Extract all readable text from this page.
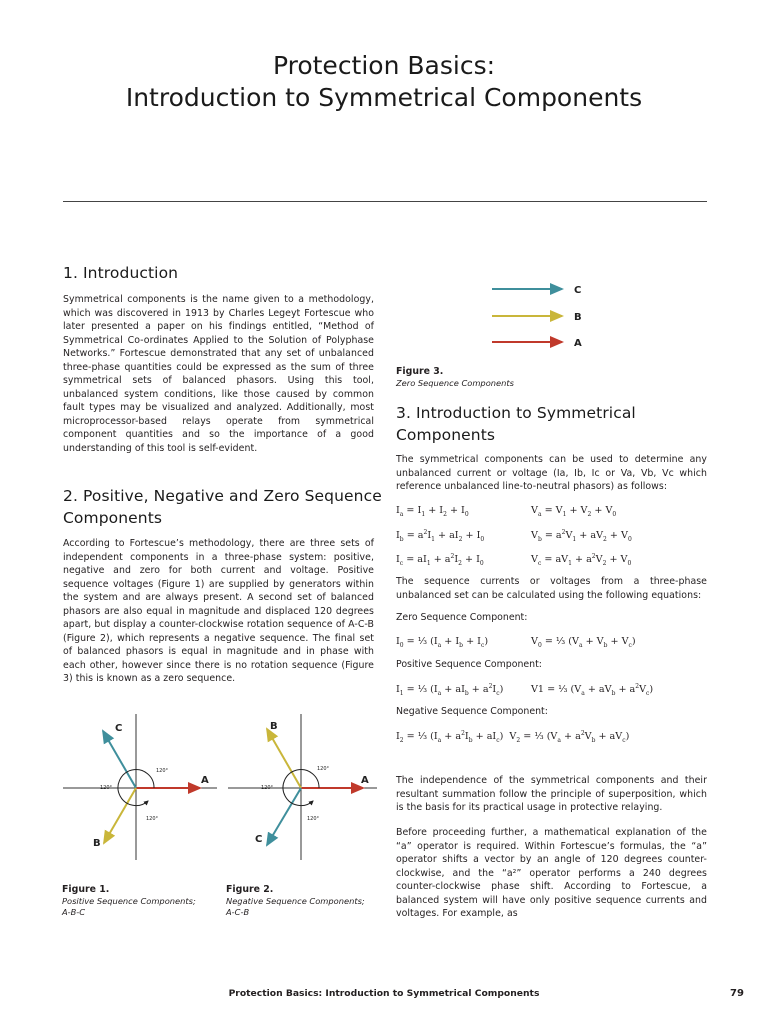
Protection Basics:
Introduction to Symmetrical Components
1. Introduction

Symmetrical components is the name given to a methodology, which was discovered in 1913 by Charles Legeyt Fortescue who later presented a paper on his findings entitled, “Method of Symmetrical Co-ordinates Applied to the Solution of Polyphase Networks.” Fortescue demonstrated that any set of unbalanced three-phase quantities could be expressed as the sum of three symmetrical sets of balanced phasors. Using this tool, unbalanced system conditions, like those caused by common fault types may be visualized and analyzed. Additionally, most microprocessor-based relays operate from symmetrical component quantities and so the importance of a good understanding of this tool is self-evident.

2. Positive, Negative and Zero Sequence
Components

According to Fortescue’s methodology, there are three sets of independent components in a three-phase system: positive, negative and zero for both current and voltage. Positive sequence voltages (Figure 1) are supplied by generators within the system and are always present. A second set of balanced phasors are also equal in magnitude and displaced 120 degrees apart, but display a counter-clockwise rotation sequence of A-C-B (Figure 2), which represents a negative sequence. The final set of balanced phasors is equal in magnitude and in phase with each other, however since there is no rotation sequence (Figure 3) this is known as a zero sequence.

A
C
B
120°
120°
120°
Figure 1.
Positive Sequence Components;
A-B-C
A
B
C
120°
120°
120°
Figure 2.
Negative Sequence Components;
A-C-B
C
B
A
Figure 3.
Zero Sequence Components
3. Introduction to Symmetrical
Components

The symmetrical components can be used to determine any unbalanced current or voltage (Ia, Ib, Ic or Va, Vb, Vc which reference unbalanced line-to-neutral phasors) as follows:

$I_a = I_1 + I_2 + I_0$	$V_a = V_1 + V_2 + V_0$
$I_b = a^2I_1 + aI_2 + I_0$	$V_b = a^2V_1 + aV_2 + V_0$
$I_c = aI_1 + a^2I_2 + I_0$	$V_c = aV_1 + a^2V_2 + V_0$

The sequence currents or voltages from a three-phase unbalanced set can be calculated using the following equations:

Zero Sequence Component:
$I_0$ = ⅓ $(I_a + I_b + I_c)$	$V_0$ = ⅓ $(V_a + V_b + V_c)$
Positive Sequence Component:
$I_1$ = ⅓ $(I_a + aI_b + a^2I_c)$	V1 = ⅓ $(V_a + aV_b + a^2V_c)$
Negative Sequence Component:
$I_2$ = ⅓ $(I_a + a^2I_b + aI_c) V_2$ = ⅓ $(V_a + a^2V_b + aV_c)$

The independence of the symmetrical components and their resultant summation follow the principle of superposition, which is the basis for its practical usage in protective relaying.

Before proceeding further, a mathematical explanation of the “a” operator is required. Within Fortescue’s formulas, the “a” operator shifts a vector by an angle of 120 degrees counter-clockwise, and the “a²” operator performs a 240 degrees counter-clockwise phase shift. According to Fortescue, a balanced system will have only positive sequence currents and voltages. For example, as

Protection Basics: Introduction to Symmetrical Components	79
